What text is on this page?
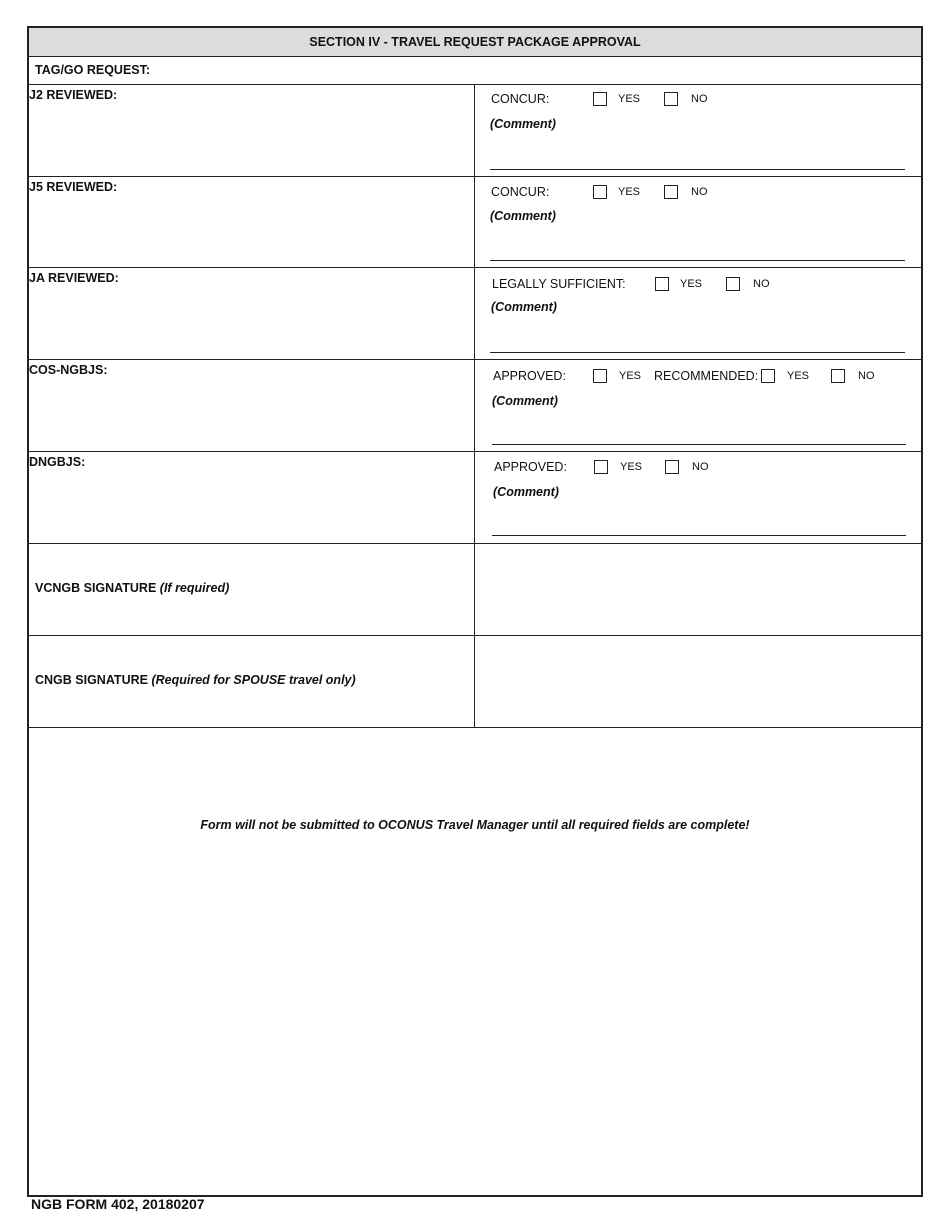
SECTION IV - TRAVEL REQUEST PACKAGE APPROVAL
TAG/GO REQUEST:
J2 REVIEWED:	CONCUR:	YES	NO
(Comment)
J5 REVIEWED:	CONCUR:	YES	NO
(Comment)
JA REVIEWED:	LEGALLY SUFFICIENT:	YES	NO
(Comment)
COS-NGBJS:	APPROVED:	YES	RECOMMENDED:	YES	NO
(Comment)
DNGBJS:	APPROVED:	YES	NO
(Comment)
VCNGB SIGNATURE (If required)
CNGB SIGNATURE (Required for SPOUSE travel only)
Form will not be submitted to OCONUS Travel Manager until all required fields are complete!
NGB FORM 402, 20180207
